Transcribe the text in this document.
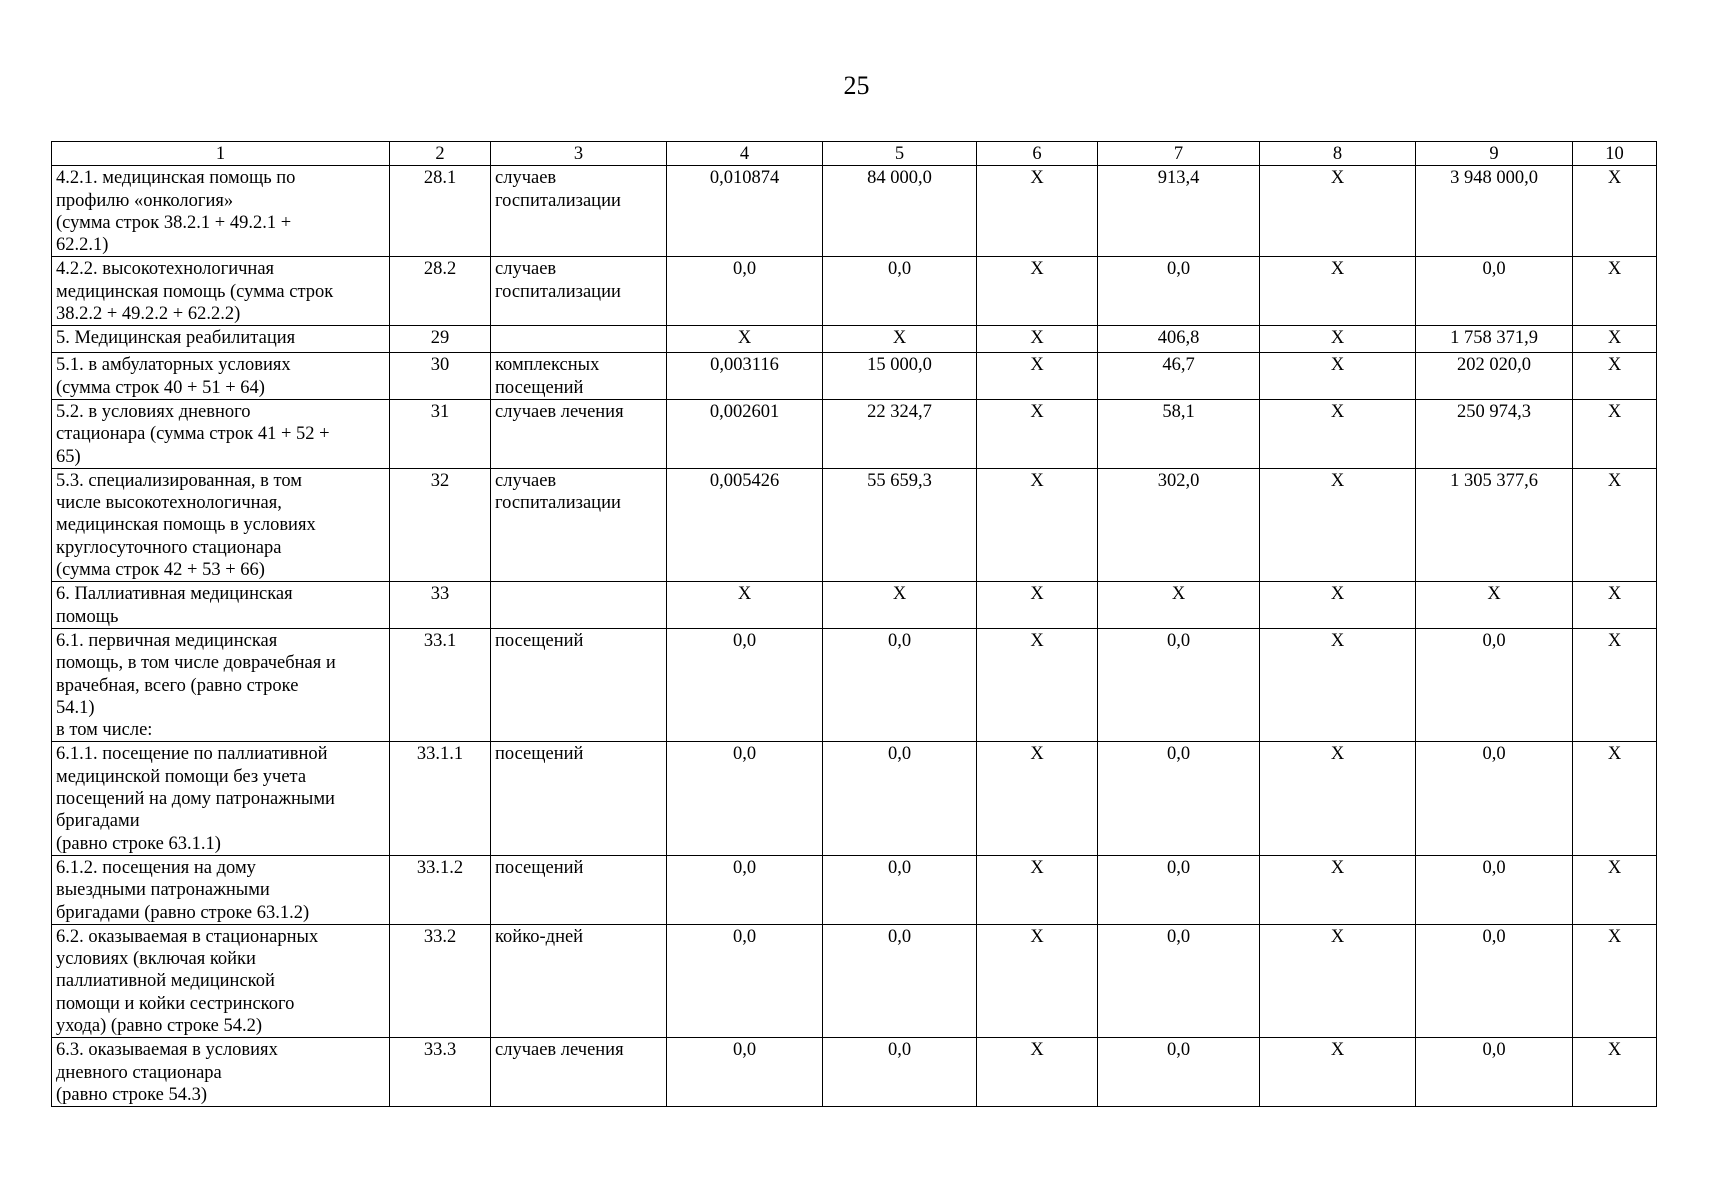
25
1	2	3	4	5	6	7	8	9	10
4.2.1. медицинская помощь по
профилю «онкология»
(сумма строк 38.2.1 + 49.2.1 +
62.2.1)	28.1	случаев
госпитализации	0,010874	84 000,0	X	913,4	X	3 948 000,0	X
4.2.2. высокотехнологичная
медицинская помощь (сумма строк
38.2.2 + 49.2.2 + 62.2.2)	28.2	случаев
госпитализации	0,0	0,0	X	0,0	X	0,0	X
5. Медицинская реабилитация	29		X	X	X	406,8	X	1 758 371,9	X
5.1. в амбулаторных условиях
(сумма строк 40 + 51 + 64)	30	комплексных
посещений	0,003116	15 000,0	X	46,7	X	202 020,0	X
5.2. в условиях дневного
стационара (сумма строк 41 + 52 +
65)	31	случаев лечения	0,002601	22 324,7	X	58,1	X	250 974,3	X
5.3. специализированная, в том
числе высокотехнологичная,
медицинская помощь в условиях
круглосуточного стационара
(сумма строк 42 + 53 + 66)	32	случаев
госпитализации	0,005426	55 659,3	X	302,0	X	1 305 377,6	X
6. Паллиативная медицинская
помощь	33		X	X	X	X	X	X	X
6.1. первичная медицинская
помощь, в том числе доврачебная и
врачебная, всего (равно строке
54.1)
в том числе:	33.1	посещений	0,0	0,0	X	0,0	X	0,0	X
6.1.1. посещение по паллиативной
медицинской помощи без учета
посещений на дому патронажными
бригадами
(равно строке 63.1.1)	33.1.1	посещений	0,0	0,0	X	0,0	X	0,0	X
6.1.2. посещения на дому
выездными патронажными
бригадами (равно строке 63.1.2)	33.1.2	посещений	0,0	0,0	X	0,0	X	0,0	X
6.2. оказываемая в стационарных
условиях (включая койки
паллиативной медицинской
помощи и койки сестринского
ухода) (равно строке 54.2)	33.2	койко-дней	0,0	0,0	X	0,0	X	0,0	X
6.3. оказываемая в условиях
дневного стационара
(равно строке 54.3)	33.3	случаев лечения	0,0	0,0	X	0,0	X	0,0	X
